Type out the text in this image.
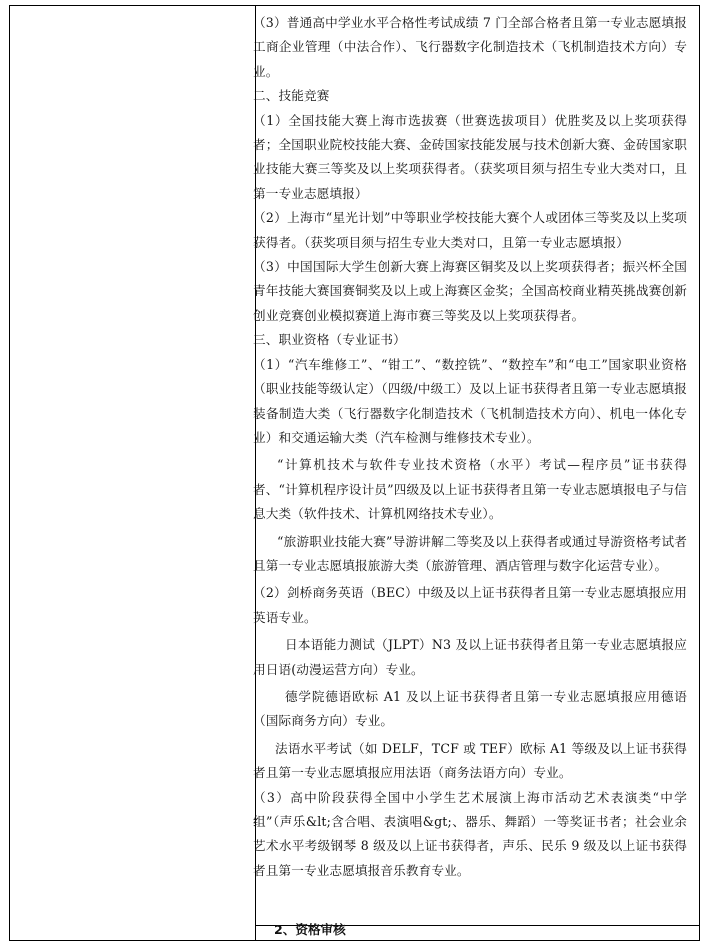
（3）普通高中学业水平合格性考试成绩 7 门全部合格者且第一专业志愿填报工商企业管理（中法合作）、飞行器数字化制造技术（飞机制造技术方向）专业。

二、技能竞赛

（1）全国技能大赛上海市选拔赛（世赛选拔项目）优胜奖及以上奖项获得者；全国职业院校技能大赛、金砖国家技能发展与技术创新大赛、金砖国家职业技能大赛三等奖及以上奖项获得者。（获奖项目须与招生专业大类对口，且第一专业志愿填报）

（2）上海市“星光计划”中等职业学校技能大赛个人或团体三等奖及以上奖项获得者。（获奖项目须与招生专业大类对口，且第一专业志愿填报）

（3）中国国际大学生创新大赛上海赛区铜奖及以上奖项获得者；振兴杯全国青年技能大赛国赛铜奖及以上或上海赛区金奖；全国高校商业精英挑战赛创新创业竞赛创业模拟赛道上海市赛三等奖及以上奖项获得者。

三、职业资格（专业证书）

（1）“汽车维修工”、“钳工”、“数控铣”、“数控车”和“电工”国家职业资格（职业技能等级认定）（四级/中级工）及以上证书获得者且第一专业志愿填报装备制造大类（飞行器数字化制造技术（飞机制造技术方向）、机电一体化专业）和交通运输大类（汽车检测与维修技术专业）。

“计算机技术与软件专业技术资格（水平）考试—程序员”证书获得者、“计算机程序设计员”四级及以上证书获得者且第一专业志愿填报电子与信息大类（软件技术、计算机网络技术专业）。

“旅游职业技能大赛”导游讲解二等奖及以上获得者或通过导游资格考试者且第一专业志愿填报旅游大类（旅游管理、酒店管理与数字化运营专业）。

（2）剑桥商务英语（BEC）中级及以上证书获得者且第一专业志愿填报应用英语专业。

日本语能力测试（JLPT）N3 及以上证书获得者且第一专业志愿填报应用日语(动漫运营方向）专业。

德学院德语欧标 A1 及以上证书获得者且第一专业志愿填报应用德语（国际商务方向）专业。

法语水平考试（如 DELF，TCF 或 TEF）欧标 A1 等级及以上证书获得者且第一专业志愿填报应用法语（商务法语方向）专业。

（3）高中阶段获得全国中小学生艺术展演上海市活动艺术表演类“中学组”（声乐&lt;含合唱、表演唱&gt;、器乐、舞蹈）一等奖证书者；社会业余艺术水平考级钢琴 8 级及以上证书获得者，声乐、民乐 9 级及以上证书获得者且第一专业志愿填报音乐教育专业。

2、资格审核
